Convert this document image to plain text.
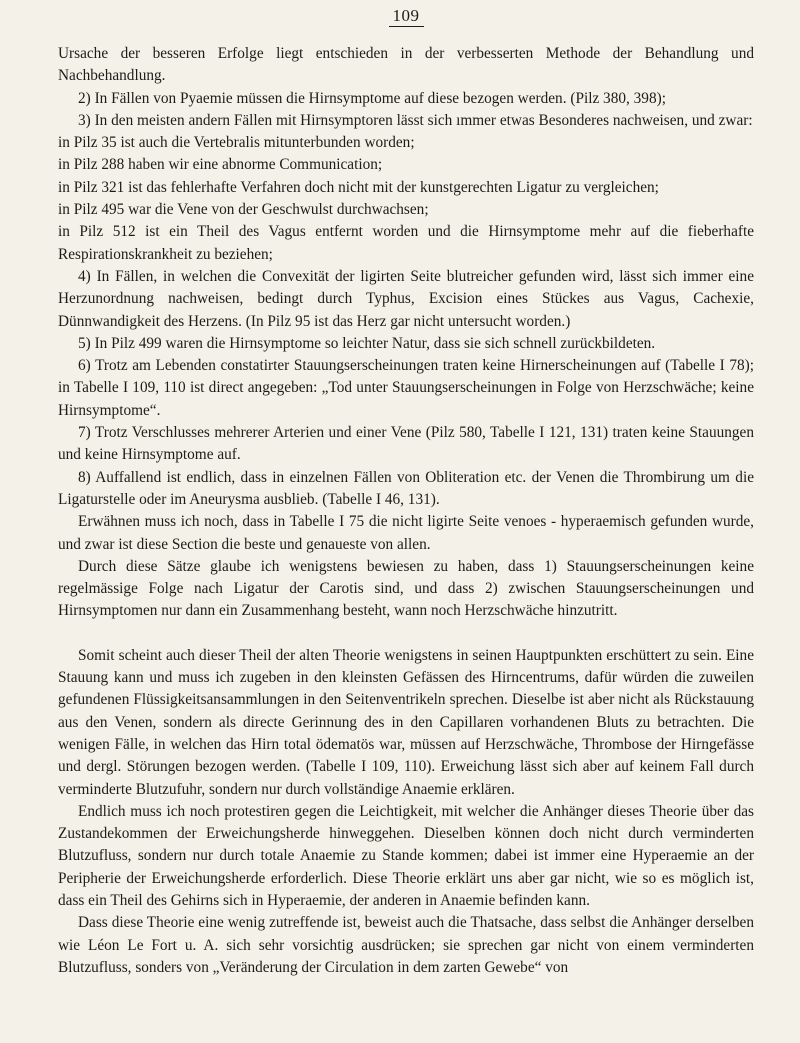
109

Ursache der besseren Erfolge liegt entschieden in der verbesserten Methode der Behandlung und Nachbehandlung.

2) In Fällen von Pyaemie müssen die Hirnsymptome auf diese bezogen werden. (Pilz 380, 398);

3) In den meisten andern Fällen mit Hirnsymptoren lässt sich ımmer etwas Besonderes nachweisen, und zwar:

in Pilz 35 ist auch die Vertebralis mitunterbunden worden;

in Pilz 288 haben wir eine abnorme Communication;

in Pilz 321 ist das fehlerhafte Verfahren doch nicht mit der kunstgerechten Ligatur zu vergleichen;

in Pilz 495 war die Vene von der Geschwulst durchwachsen;

in Pilz 512 ist ein Theil des Vagus entfernt worden und die Hirnsymptome mehr auf die fieberhafte Respirationskrankheit zu beziehen;

4) In Fällen, in welchen die Convexität der ligirten Seite blutreicher gefunden wird, lässt sich immer eine Herzunordnung nachweisen, bedingt durch Typhus, Excision eines Stückes aus Vagus, Cachexie, Dünnwandigkeit des Herzens. (In Pilz 95 ist das Herz gar nicht untersucht worden.)

5) In Pilz 499 waren die Hirnsymptome so leichter Natur, dass sie sich schnell zurückbildeten.

6) Trotz am Lebenden constatirter Stauungserscheinungen traten keine Hirnerscheinungen auf (Tabelle I 78); in Tabelle I 109, 110 ist direct angegeben: „Tod unter Stauungserscheinungen in Folge von Herzschwäche; keine Hirnsymptome“.

7) Trotz Verschlusses mehrerer Arterien und einer Vene (Pilz 580, Tabelle I 121, 131) traten keine Stauungen und keine Hirnsymptome auf.

8) Auffallend ist endlich, dass in einzelnen Fällen von Obliteration etc. der Venen die Thrombirung um die Ligaturstelle oder im Aneurysma ausblieb. (Tabelle I 46, 131).

Erwähnen muss ich noch, dass in Tabelle I 75 die nicht ligirte Seite venoes - hyperaemisch gefunden wurde, und zwar ist diese Section die beste und genaueste von allen.

Durch diese Sätze glaube ich wenigstens bewiesen zu haben, dass 1) Stauungserscheinungen keine regelmässige Folge nach Ligatur der Carotis sind, und dass 2) zwischen Stauungserscheinungen und Hirnsymptomen nur dann ein Zusammenhang besteht, wann noch Herzschwäche hinzutritt.

Somit scheint auch dieser Theil der alten Theorie wenigstens in seinen Hauptpunkten erschüttert zu sein. Eine Stauung kann und muss ich zugeben in den kleinsten Gefässen des Hirncentrums, dafür würden die zuweilen gefundenen Flüssigkeitsansammlungen in den Seitenventrikeln sprechen. Dieselbe ist aber nicht als Rückstauung aus den Venen, sondern als directe Gerinnung des in den Capillaren vorhandenen Bluts zu betrachten. Die wenigen Fälle, in welchen das Hirn total ödematös war, müssen auf Herzschwäche, Thrombose der Hirngefässe und dergl. Störungen bezogen werden. (Tabelle I 109, 110). Erweichung lässt sich aber auf keinem Fall durch verminderte Blutzufuhr, sondern nur durch vollständige Anaemie erklären.

Endlich muss ich noch protestiren gegen die Leichtigkeit, mit welcher die Anhänger dieses Theorie über das Zustandekommen der Erweichungsherde hinweggehen. Dieselben können doch nicht durch verminderten Blutzufluss, sondern nur durch totale Anaemie zu Stande kommen; dabei ist immer eine Hyperaemie an der Peripherie der Erweichungsherde erforderlich. Diese Theorie erklärt uns aber gar nicht, wie so es möglich ist, dass ein Theil des Gehirns sich in Hyperaemie, der anderen in Anaemie befinden kann.

Dass diese Theorie eine wenig zutreffende ist, beweist auch die Thatsache, dass selbst die Anhänger derselben wie Léon Le Fort u. A. sich sehr vorsichtig ausdrücken; sie sprechen gar nicht von einem verminderten Blutzufluss, sonders von „Veränderung der Circulation in dem zarten Gewebe“ von
